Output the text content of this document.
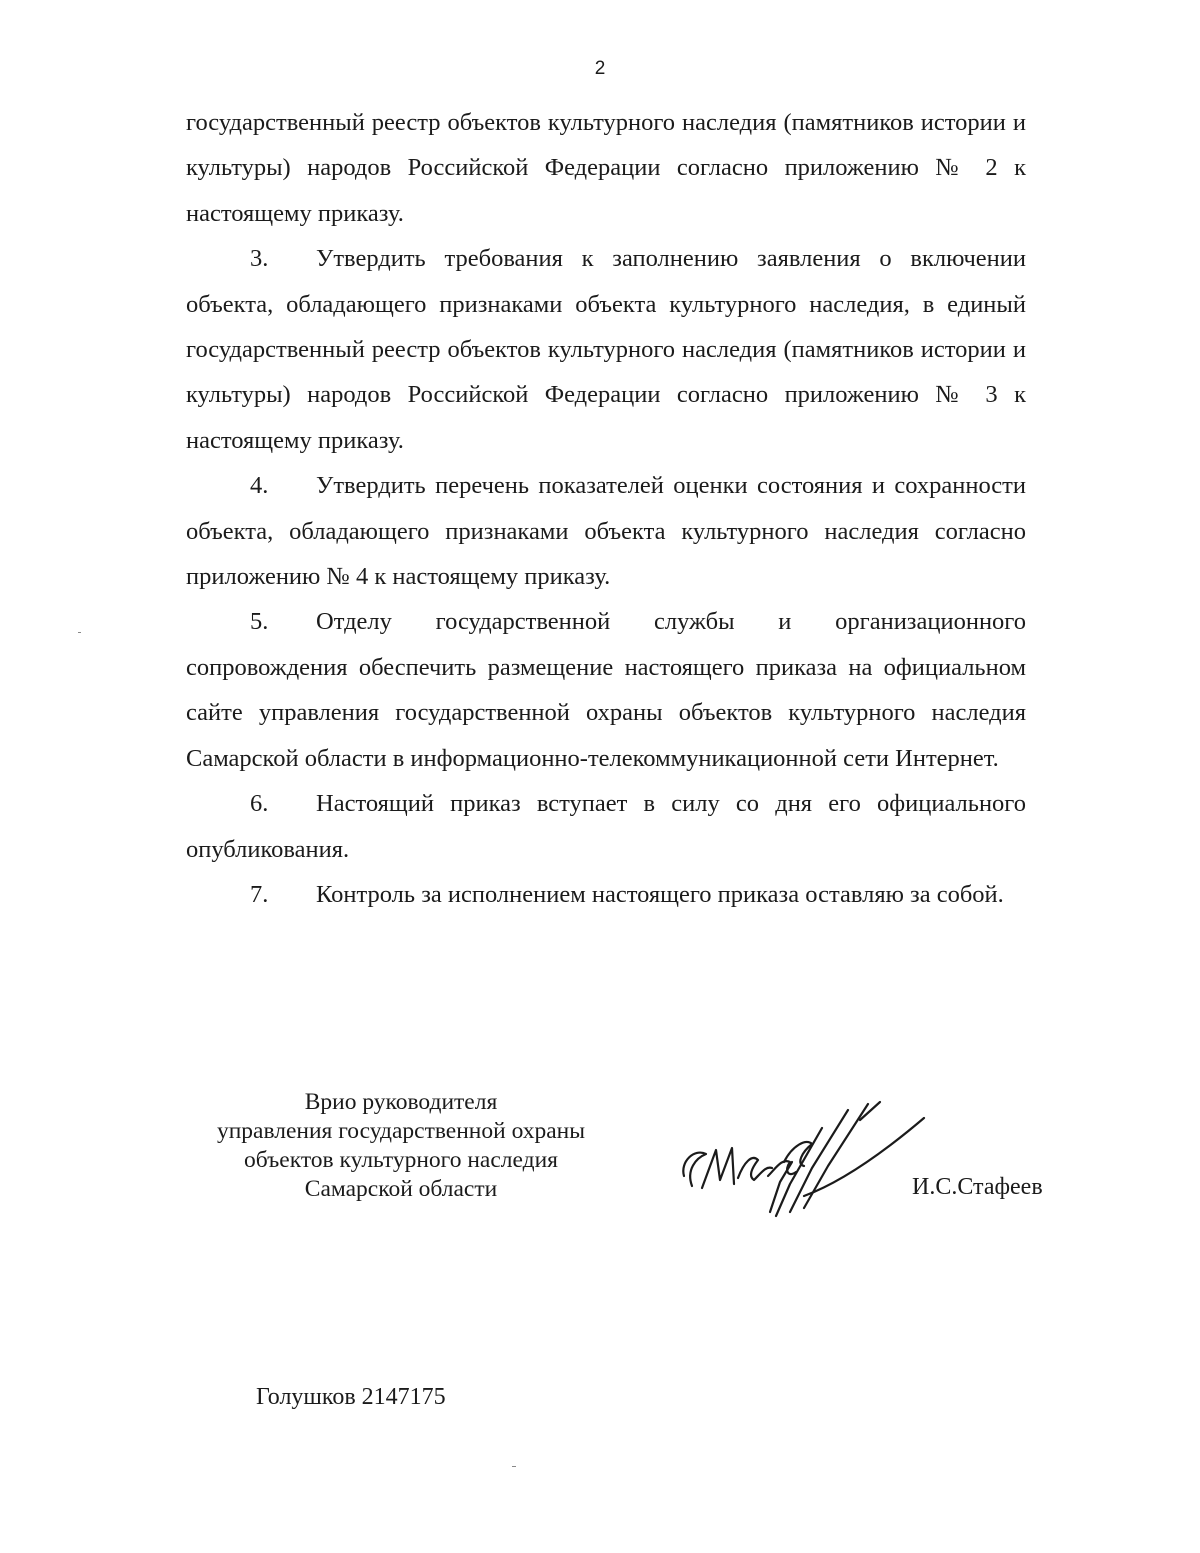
2

государственный реестр объектов культурного наследия (памятников истории и культуры) народов Российской Федерации согласно приложению № 2 к настоящему приказу.

3. Утвердить требования к заполнению заявления о включении объекта, обладающего признаками объекта культурного наследия, в единый государственный реестр объектов культурного наследия (памятников истории и культуры) народов Российской Федерации согласно приложению № 3 к настоящему приказу.

4. Утвердить перечень показателей оценки состояния и сохранности объекта, обладающего признаками объекта культурного наследия согласно приложению № 4 к настоящему приказу.

5. Отделу государственной службы и организационного сопровождения обеспечить размещение настоящего приказа на официальном сайте управления государственной охраны объектов культурного наследия Самарской области в информационно-телекоммуникационной сети Интернет.

6. Настоящий приказ вступает в силу со дня его официального опубликования.

7. Контроль за исполнением настоящего приказа оставляю за собой.

Врио руководителя
управления государственной охраны
объектов культурного наследия
Самарской области	И.С.Стафеев
Голушков 2147175
